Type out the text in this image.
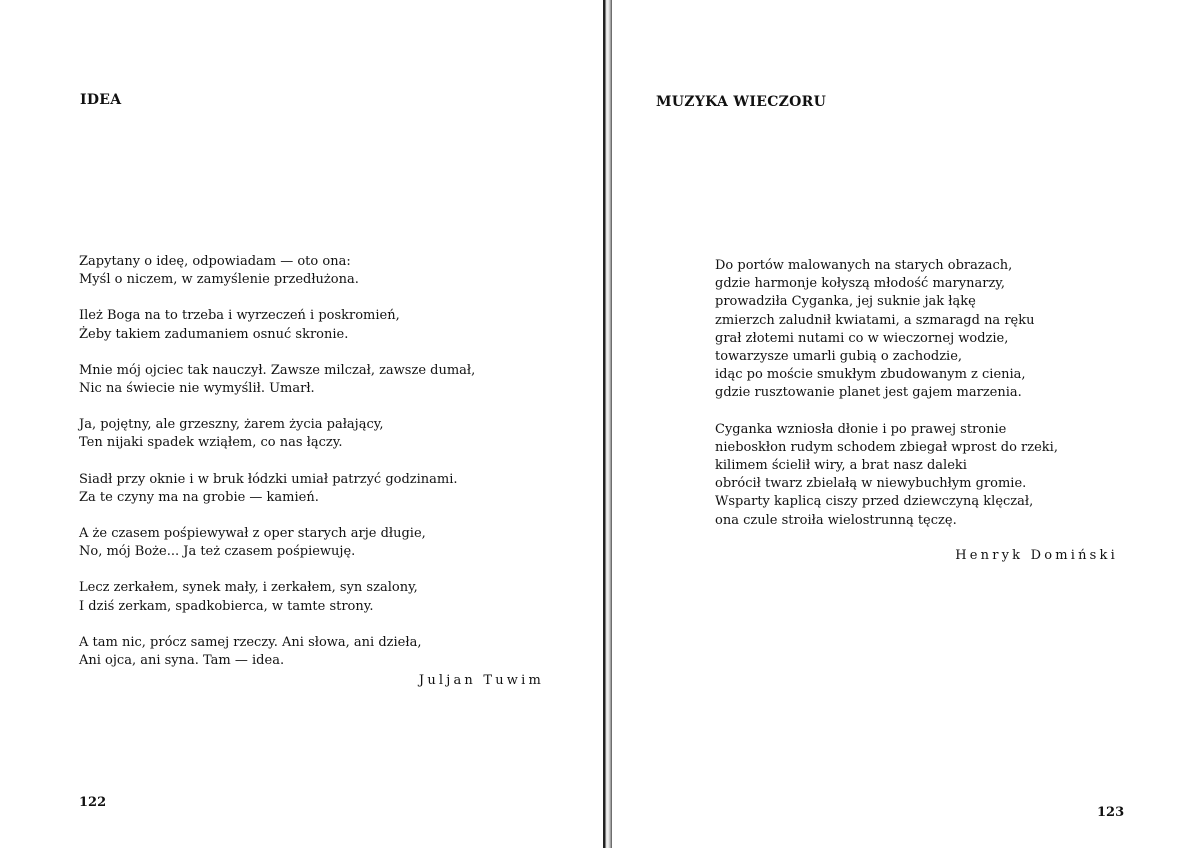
IDEA

Zapytany o ideę, odpowiadam — oto ona:
Myśl o niczem, w zamyślenie przedłużona.

Ileż Boga na to trzeba i wyrzeczeń i poskromień,
Żeby takiem zadumaniem osnuć skronie.

Mnie mój ojciec tak nauczył. Zawsze milczał, zawsze dumał,
Nic na świecie nie wymyślił. Umarł.

Ja, pojętny, ale grzeszny, żarem życia pałający,
Ten nijaki spadek wziąłem, co nas łączy.

Siadł przy oknie i w bruk łódzki umiał patrzyć godzinami.
Za te czyny ma na grobie — kamień.

A że czasem pośpiewywał z oper starych arje długie,
No, mój Boże... Ja też czasem pośpiewuję.

Lecz zerkałem, synek mały, i zerkałem, syn szalony,
I dziś zerkam, spadkobierca, w tamte strony.

A tam nic, prócz samej rzeczy. Ani słowa, ani dzieła,
Ani ojca, ani syna. Tam — idea.

Juljan Tuwim
122
MUZYKA WIECZORU

Do portów malowanych na starych obrazach,
gdzie harmonje kołyszą młodość marynarzy,
prowadziła Cyganka, jej suknie jak łąkę
zmierzch zaludnił kwiatami, a szmaragd na ręku
grał złotemi nutami co w wieczornej wodzie,
towarzysze umarli gubią o zachodzie,
idąc po moście smukłym zbudowanym z cienia,
gdzie rusztowanie planet jest gajem marzenia.

Cyganka wzniosła dłonie i po prawej stronie
nieboskłon rudym schodem zbiegał wprost do rzeki,
kilimem ścielił wiry, a brat nasz daleki
obrócił twarz zbielałą w niewybuchłym gromie.
Wsparty kaplicą ciszy przed dziewczyną klęczał,
ona czule stroiła wielostrunną tęczę.

Henryk Domiński
123
